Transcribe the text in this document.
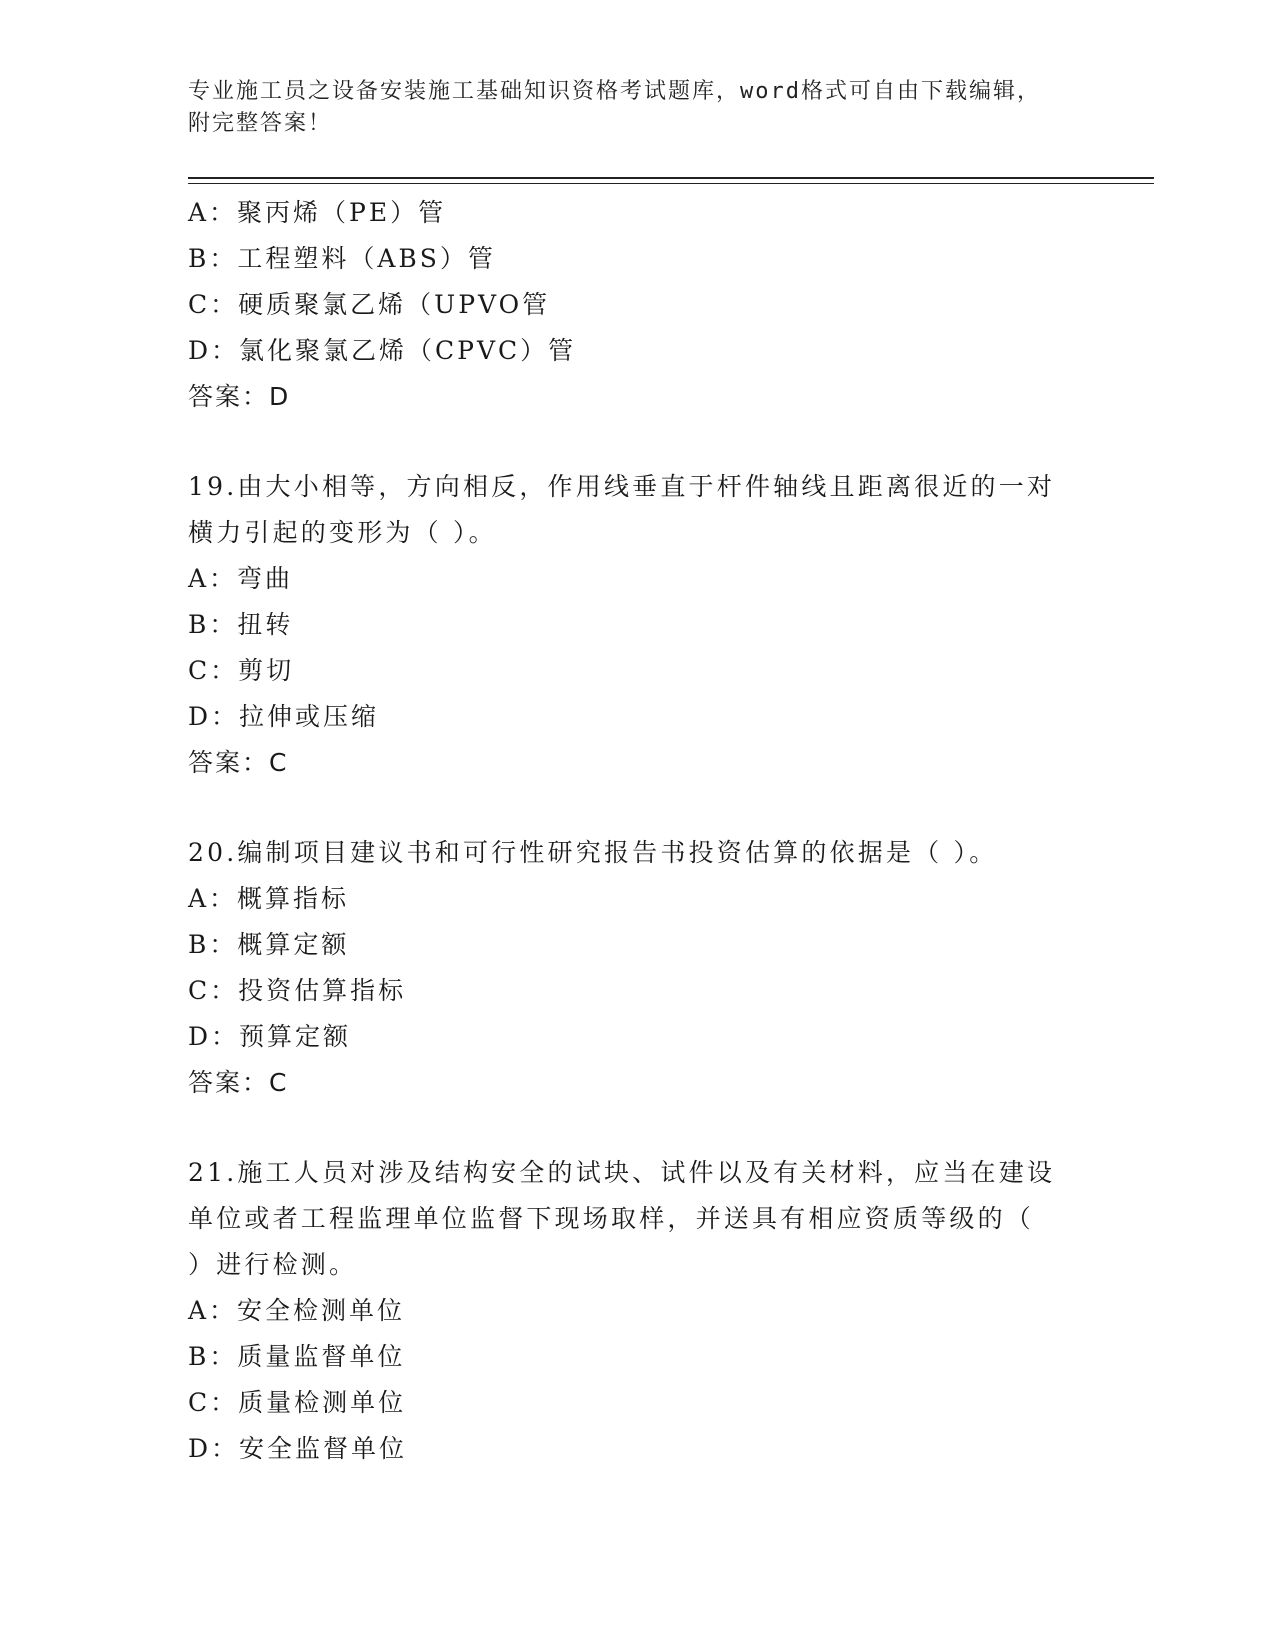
专业施工员之设备安装施工基础知识资格考试题库，word格式可自由下载编辑，
附完整答案！
A：聚丙烯（PE）管
B：工程塑料（ABS）管
C：硬质聚氯乙烯（UPVO管
D：氯化聚氯乙烯（CPVC）管
答案：D
19.由大小相等，方向相反，作用线垂直于杆件轴线且距离很近的一对
横力引起的变形为（ ）。
A：弯曲
B：扭转
C：剪切
D：拉伸或压缩
答案：C
20.编制项目建议书和可行性研究报告书投资估算的依据是（ ）。
A：概算指标
B：概算定额
C：投资估算指标
D：预算定额
答案：C
21.施工人员对涉及结构安全的试块、试件以及有关材料，应当在建设
单位或者工程监理单位监督下现场取样，并送具有相应资质等级的（
）进行检测。
A：安全检测单位
B：质量监督单位
C：质量检测单位
D：安全监督单位
